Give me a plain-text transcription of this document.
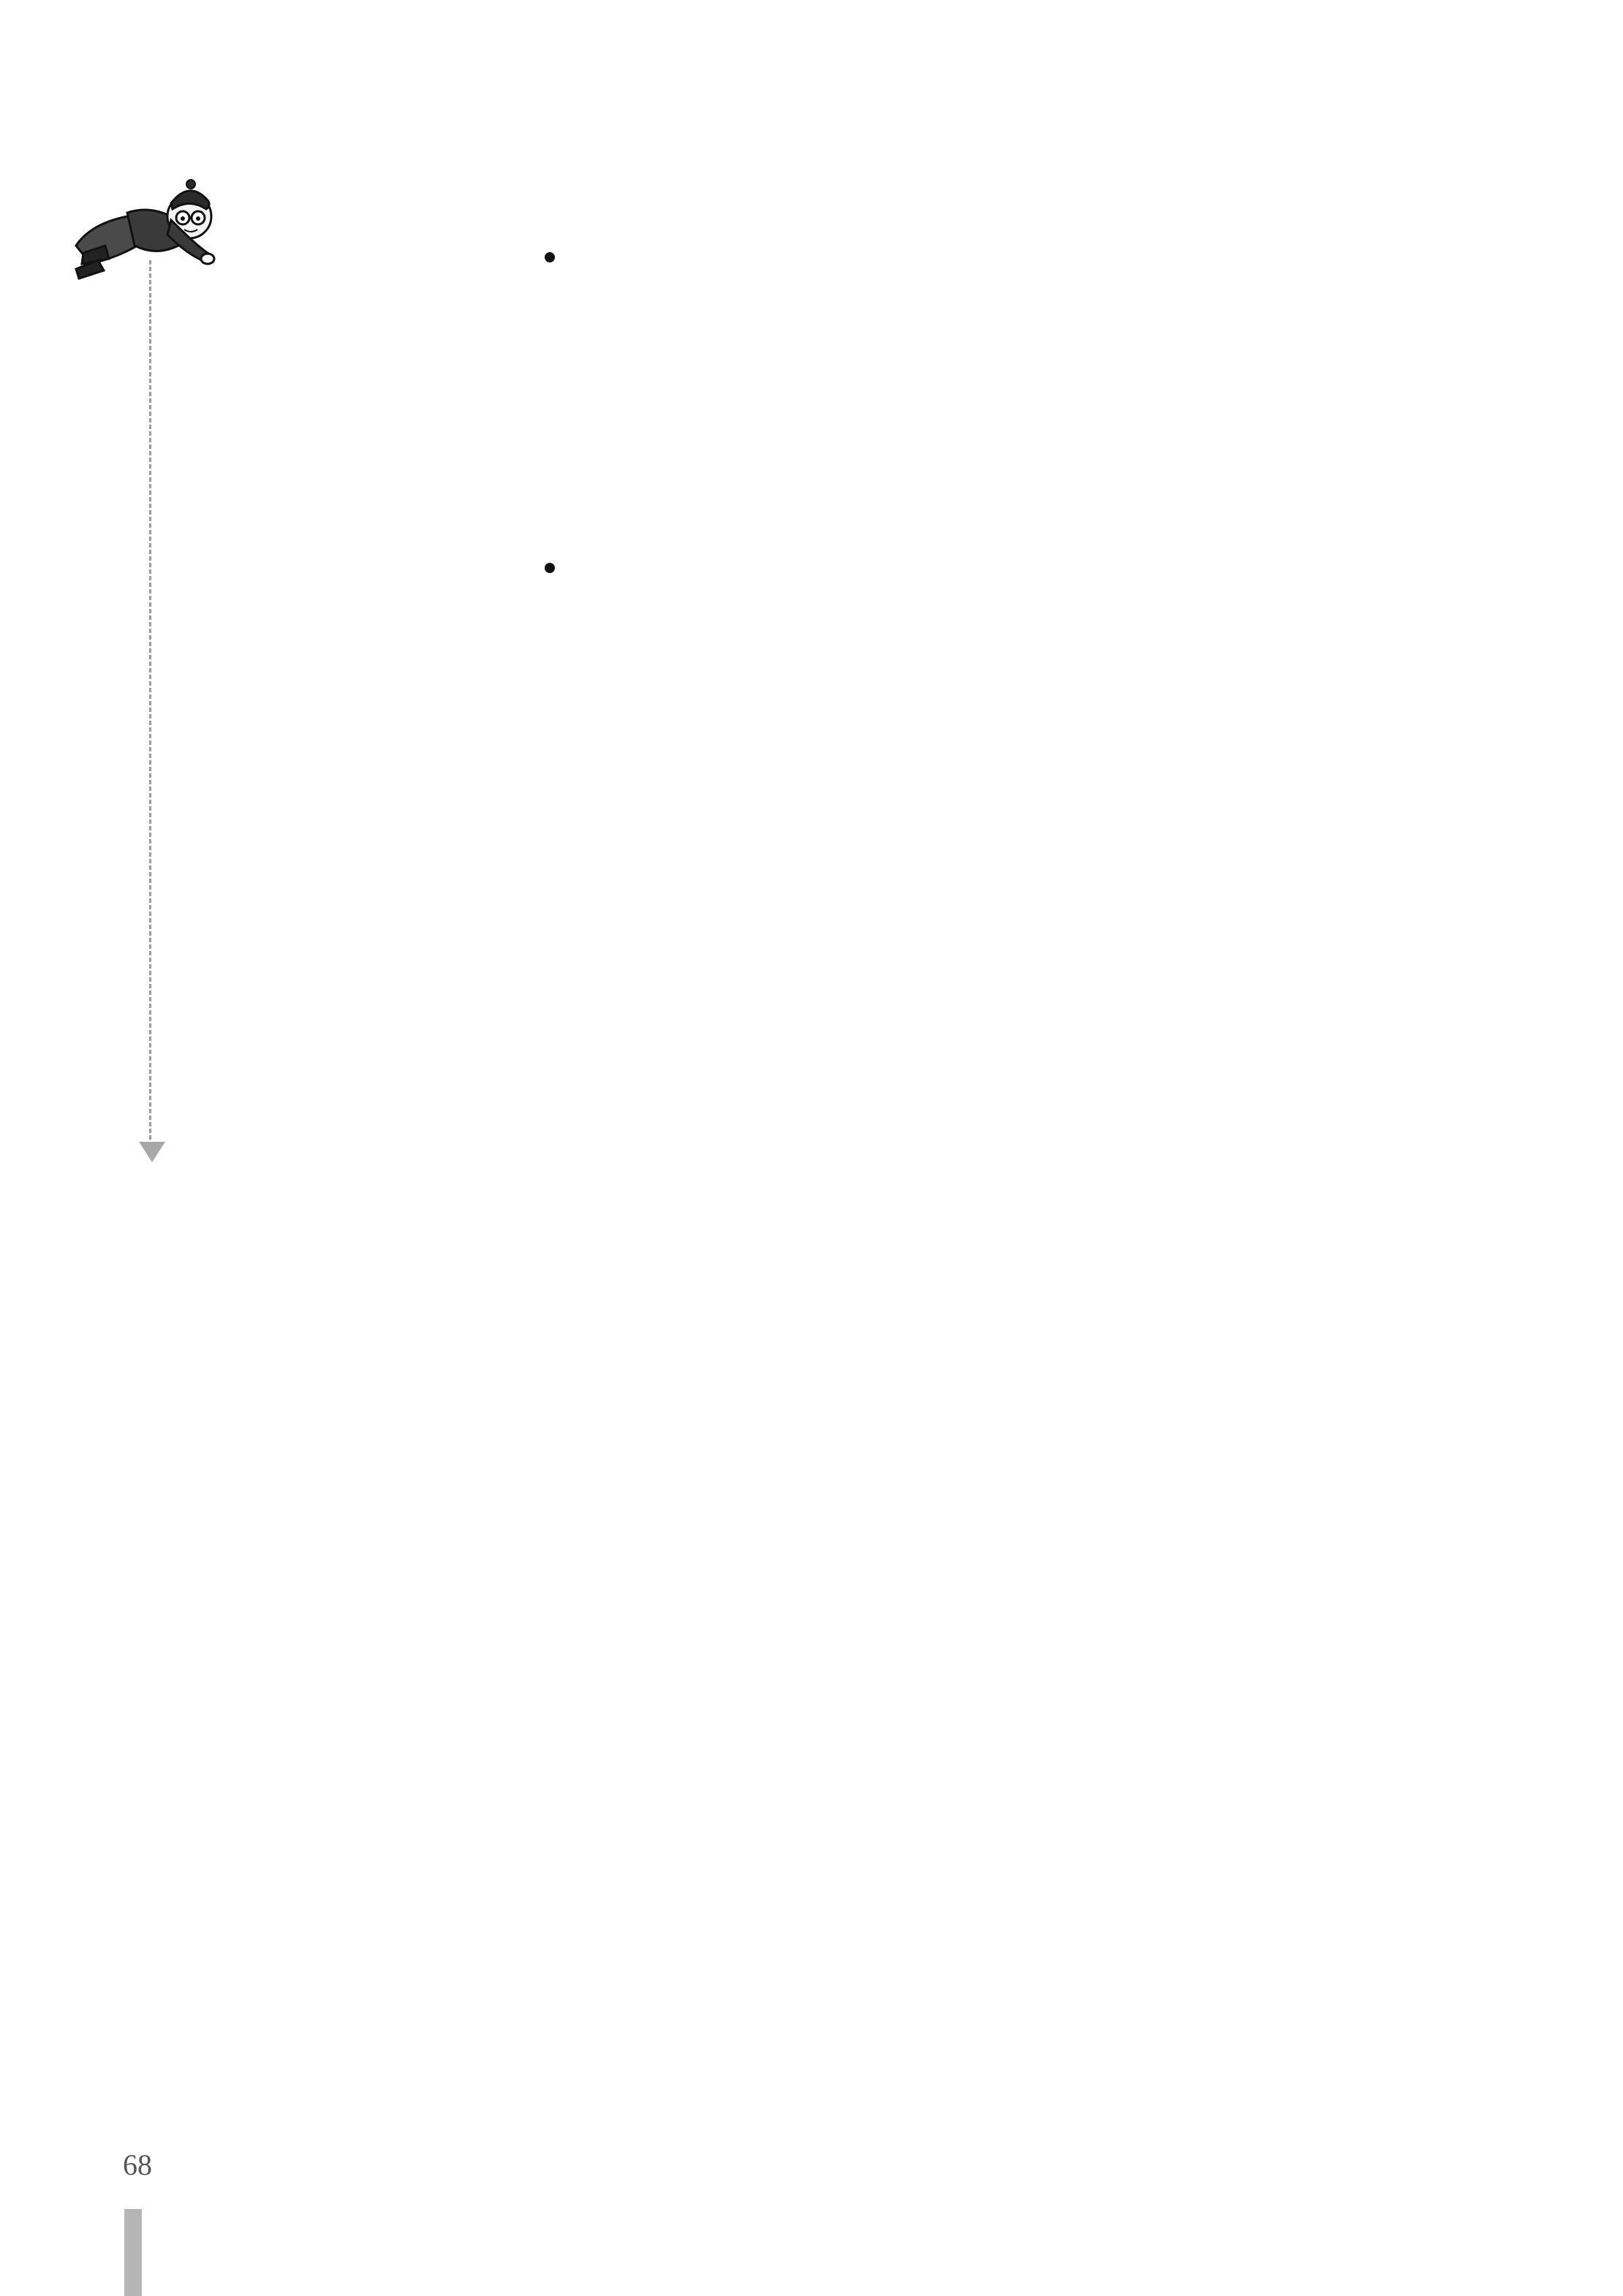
68
